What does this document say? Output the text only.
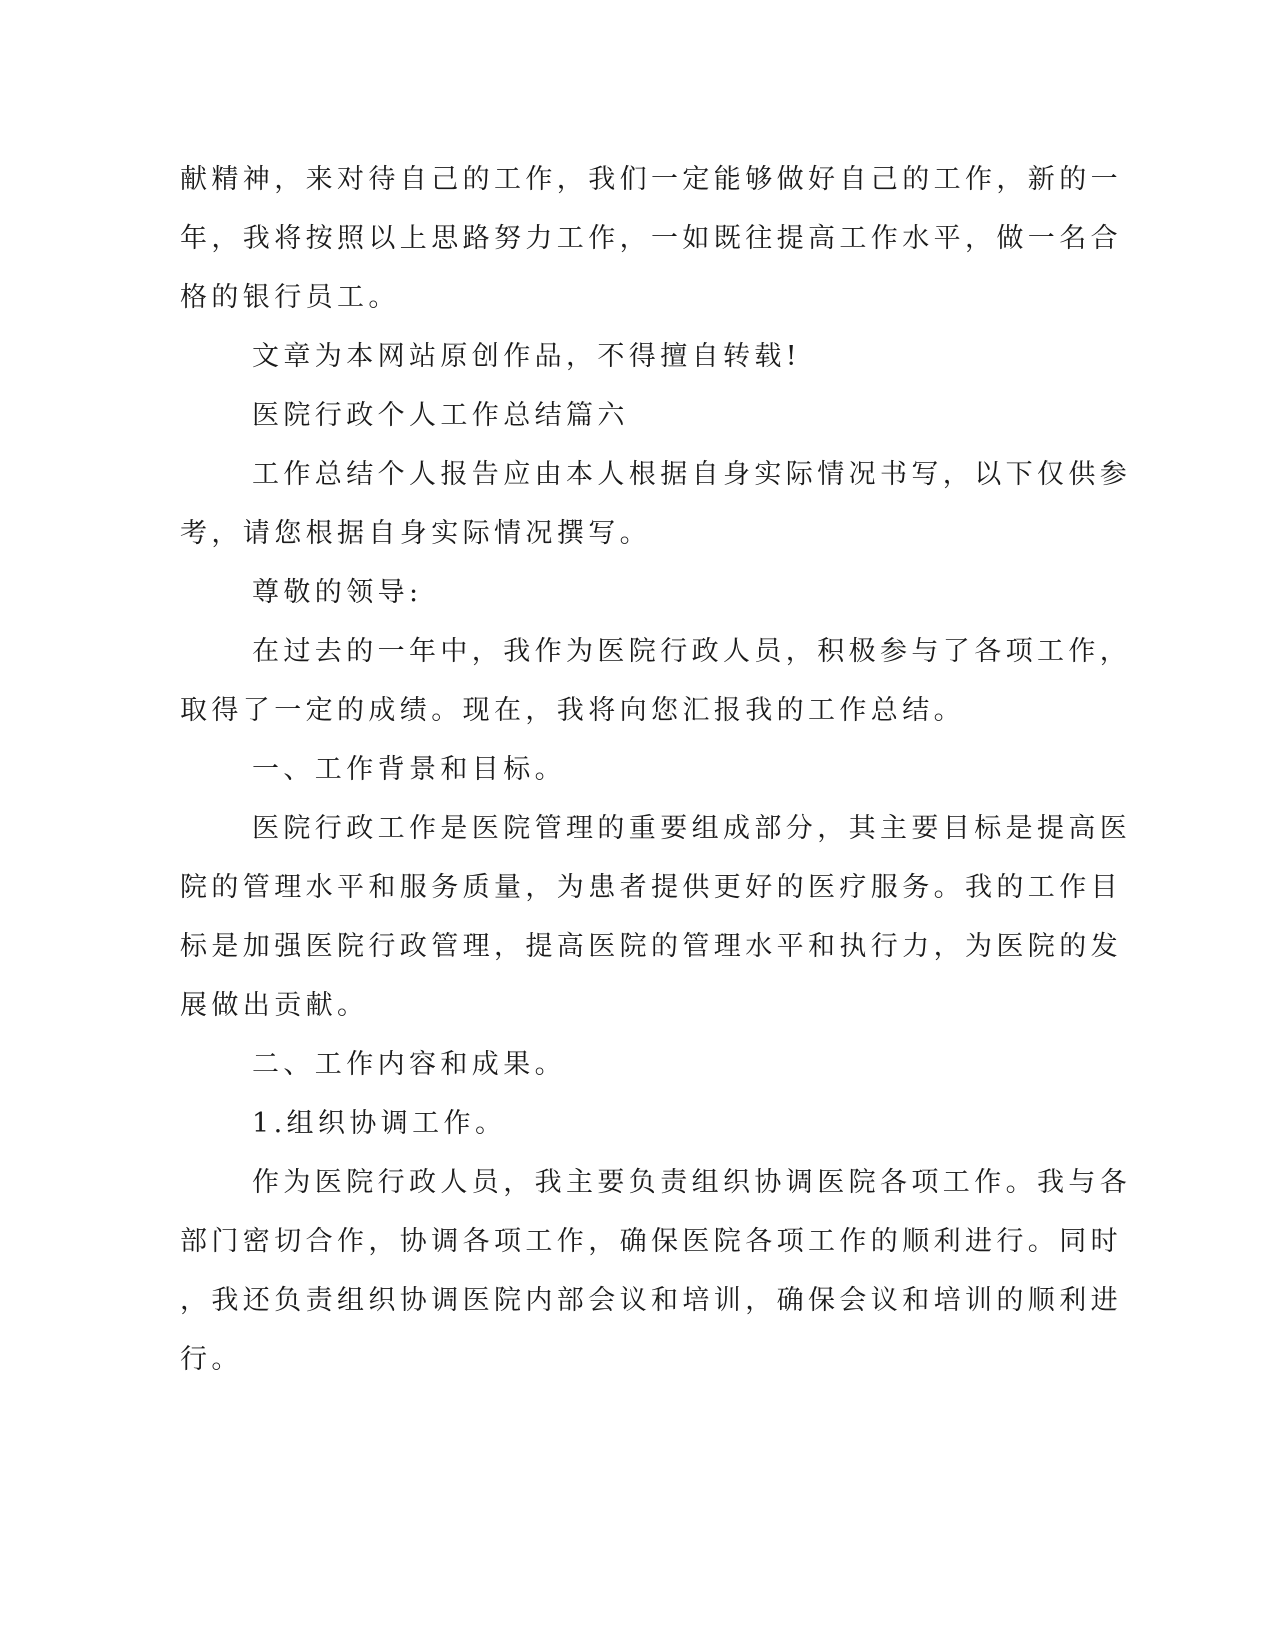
献精神，来对待自己的工作，我们一定能够做好自己的工作，新的一
年，我将按照以上思路努力工作，一如既往提高工作水平，做一名合
格的银行员工。
文章为本网站原创作品，不得擅自转载!
医院行政个人工作总结篇六
工作总结个人报告应由本人根据自身实际情况书写，以下仅供参
考，请您根据自身实际情况撰写。
尊敬的领导:
在过去的一年中，我作为医院行政人员，积极参与了各项工作，
取得了一定的成绩。现在，我将向您汇报我的工作总结。
一、工作背景和目标。
医院行政工作是医院管理的重要组成部分，其主要目标是提高医
院的管理水平和服务质量，为患者提供更好的医疗服务。我的工作目
标是加强医院行政管理，提高医院的管理水平和执行力，为医院的发
展做出贡献。
二、工作内容和成果。
1.组织协调工作。
作为医院行政人员，我主要负责组织协调医院各项工作。我与各
部门密切合作，协调各项工作，确保医院各项工作的顺利进行。同时
，我还负责组织协调医院内部会议和培训，确保会议和培训的顺利进
行。
